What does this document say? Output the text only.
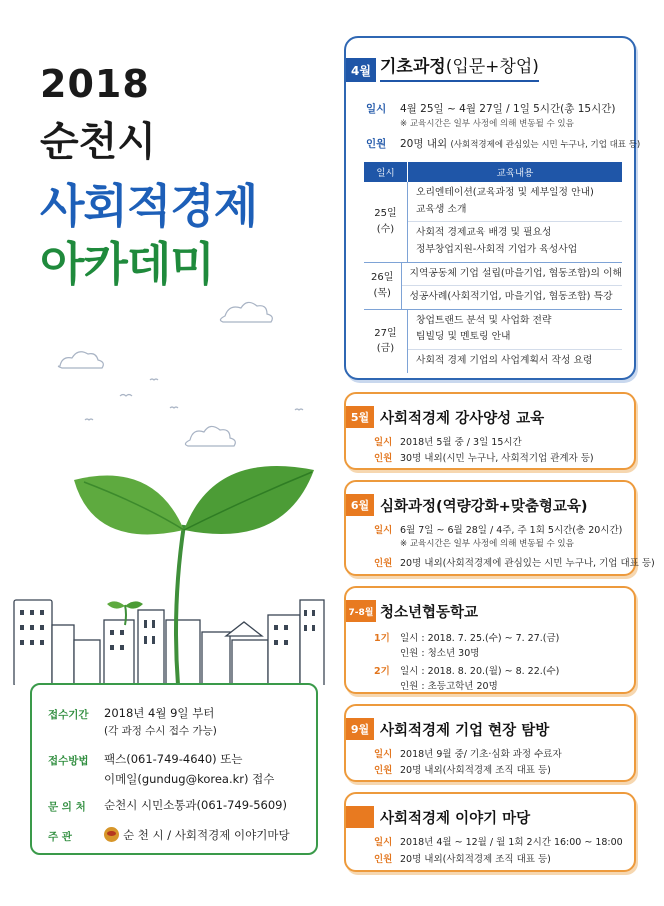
2018
순천시
사회적경제
아카데미
4월 기초과정(입문+창업)
일시 4월 25일 ~ 4월 27일 / 1일 5시간(총 15시간)
※ 교육시간은 일부 사정에 의해 변동될 수 있음
인원 20명 내외 (사회적경제에 관심있는 시민 누구나, 기업 대표 등)
일시	교육내용
25일
(수)
오리엔테이션(교육과정 및 세부일정 안내)
교육생 소개
사회적 경제교육 배경 및 필요성
정부창업지원-사회적 기업가 육성사업
26일
(목)
지역공동체 기업 설립(마을기업, 협동조합)의 이해
성공사례(사회적기업, 마을기업, 협동조합) 특강
27일
(금)
창업트랜드 분석 및 사업화 전략
팀빌딩 및 멘토링 안내
사회적 경제 기업의 사업계획서 작성 요령
5월 사회적경제 강사양성 교육
일시 2018년 5월 중 / 3일 15시간
인원 30명 내외(시민 누구나, 사회적기업 관계자 등)
6월 심화과정(역량강화+맞춤형교육)
일시 6월 7일 ~ 6월 28일 / 4주, 주 1회 5시간(총 20시간)
※ 교육시간은 일부 사정에 의해 변동될 수 있음
인원 20명 내외(사회적경제에 관심있는 시민 누구나, 기업 대표 등)
7-8월 청소년협동학교
1기 일시 : 2018. 7. 25.(수) ~ 7. 27.(금)
인원 : 청소년 30명
2기 일시 : 2018. 8. 20.(월) ~ 8. 22.(수)
인원 : 초등고학년 20명
9월 사회적경제 기업 현장 탐방
일시 2018년 9월 중/ 기초·심화 과정 수료자
인원 20명 내외(사회적경제 조직 대표 등)
사회적경제 이야기 마당
일시 2018년 4월 ~ 12월 / 월 1회 2시간 16:00 ~ 18:00
인원 20명 내외(사회적경제 조직 대표 등)
접수기간 2018년 4월 9일 부터
(각 과정 수시 접수 가능)
접수방법 팩스(061-749-4640) 또는
이메일(gundug@korea.kr) 접수
문 의 처 순천시 시민소통과(061-749-5609)
주 관	순 천 시 / 사회적경제 이야기마당
